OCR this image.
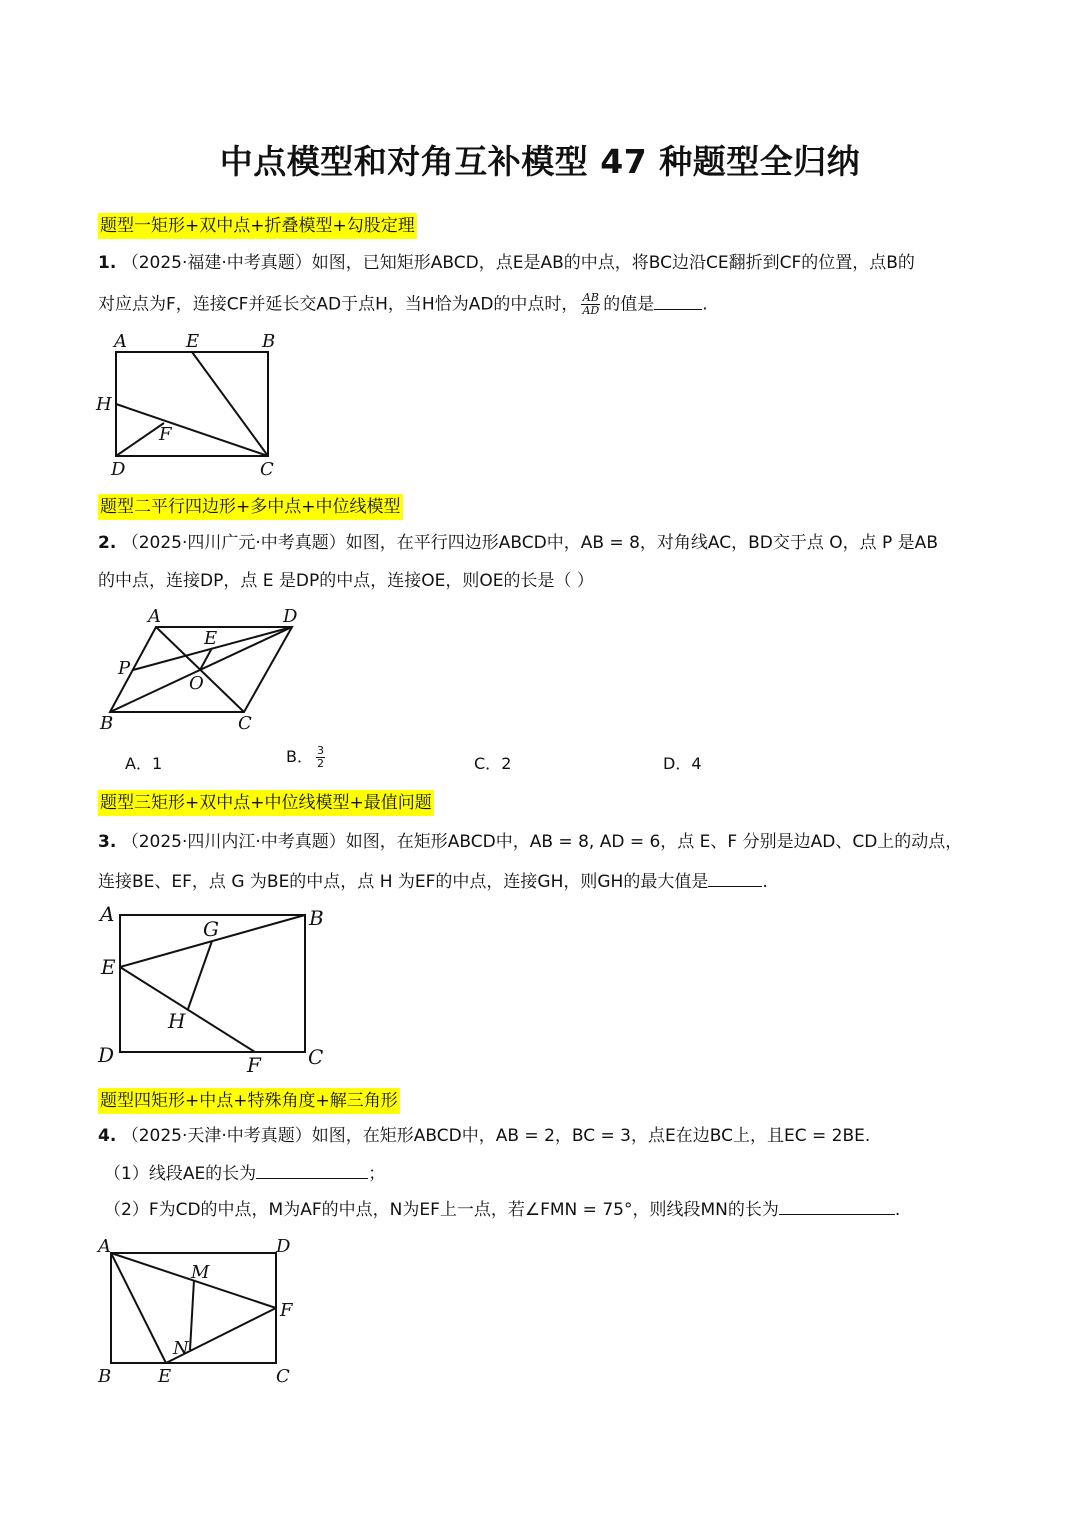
中点模型和对角互补模型 47 种题型全归纳
题型一矩形+双中点+折叠模型+勾股定理
1. （2025·福建·中考真题）如图，已知矩形ABCD，点E是AB的中点，将BC边沿CE翻折到CF的位置，点B的
对应点为F，连接CF并延长交AD于点H，当H恰为AD的中点时， $\frac{AB}{AD}$ 的值是	.
A	E	B
H
F
D	C
题型二平行四边形+多中点+中位线模型
2. （2025·四川广元·中考真题）如图，在平行四边形ABCD中，AB = 8，对角线AC，BD交于点 O，点 P 是AB
的中点，连接DP，点 E 是DP的中点，连接OE，则OE的长是（ ）
A	D
E
P
O
B	C
A．1	B． $\frac{3}{2}$	C．2	D．4
题型三矩形+双中点+中位线模型+最值问题
3. （2025·四川内江·中考真题）如图，在矩形ABCD中，AB = 8, AD = 6，点 E、F 分别是边AD、CD上的动点，
连接BE、EF，点 G 为BE的中点，点 H 为EF的中点，连接GH，则GH的最大值是	.
A	B
G
E
H
D	F C
题型四矩形+中点+特殊角度+解三角形
4. （2025·天津·中考真题）如图，在矩形ABCD中，AB = 2，BC = 3，点E在边BC上，且EC = 2BE.
（1）线段AE的长为	；
（2）F为CD的中点，M为AF的中点，N为EF上一点，若∠FMN = 75°，则线段MN的长为	.
A	D
M
F
N
B	E	C
